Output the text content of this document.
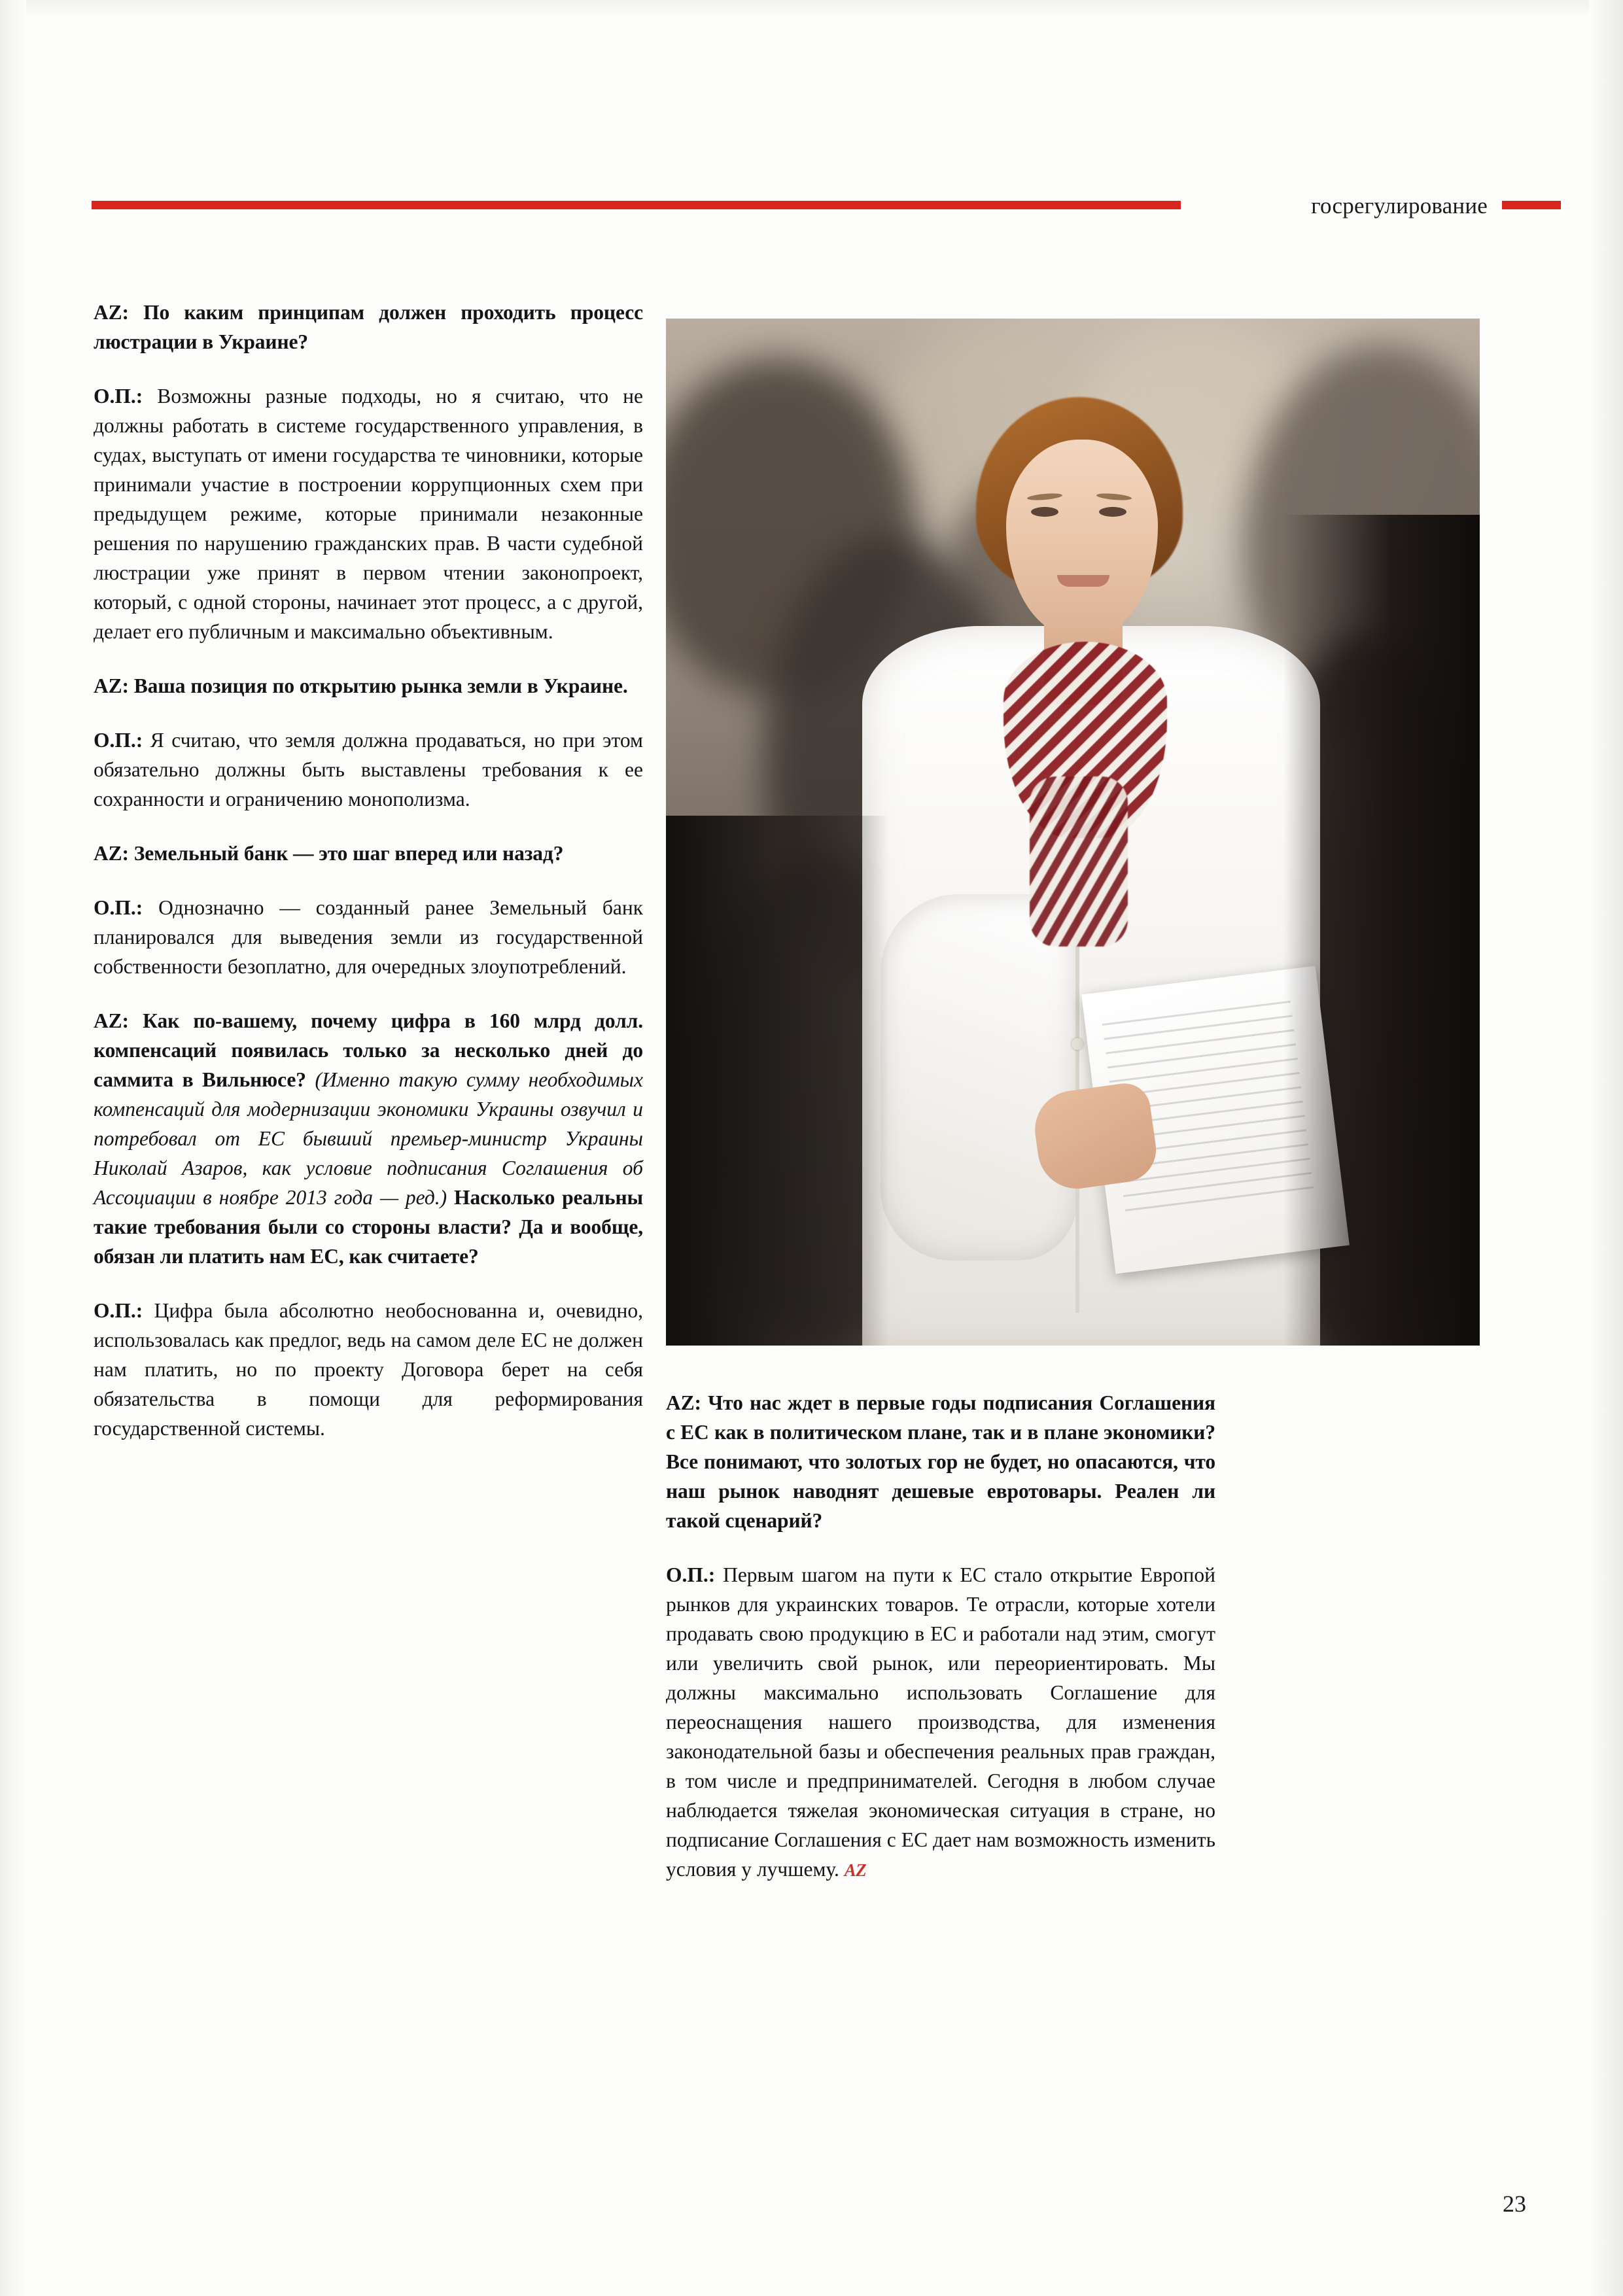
госрегулирование

AZ: По каким принципам должен проходить процесс люстрации в Украине?

О.П.: Возможны разные подходы, но я считаю, что не должны работать в системе государственного управления, в судах, выступать от имени государства те чиновники, которые принимали участие в построении коррупционных схем при предыдущем режиме, которые принимали незаконные решения по нарушению гражданских прав. В части судебной люстрации уже принят в первом чтении законопроект, который, с одной стороны, начинает этот процесс, а с другой, делает его публичным и максимально объективным.

AZ: Ваша позиция по открытию рынка земли в Украине.

О.П.: Я считаю, что земля должна продаваться, но при этом обязательно должны быть выставлены требования к ее сохранности и ограничению монополизма.

AZ: Земельный банк — это шаг вперед или назад?

О.П.: Однозначно — созданный ранее Земельный банк планировался для выведения земли из государственной собственности безоплатно, для очередных злоупотреблений.

AZ: Как по-вашему, почему цифра в 160 млрд долл. компенсаций появилась только за несколько дней до саммита в Вильнюсе? (Именно такую сумму необходимых компенсаций для модернизации экономики Украины озвучил и потребовал от ЕС бывший премьер-министр Украины Николай Азаров, как условие подписания Соглашения об Ассоциации в ноябре 2013 года — ред.) Насколько реальны такие требования были со стороны власти? Да и вообще, обязан ли платить нам ЕС, как считаете?

О.П.: Цифра была абсолютно необоснованна и, очевидно, использовалась как предлог, ведь на самом деле ЕС не должен нам платить, но по проекту Договора берет на себя обязательства в помощи для реформирования государственной системы.

AZ: Что нас ждет в первые годы подписания Соглашения с ЕС как в политическом плане, так и в плане экономики? Все понимают, что золотых гор не будет, но опасаются, что наш рынок наводнят дешевые евротовары. Реален ли такой сценарий?

О.П.: Первым шагом на пути к ЕС стало открытие Европой рынков для украинских товаров. Те отрасли, которые хотели продавать свою продукцию в ЕС и работали над этим, смогут или увеличить свой рынок, или переориентировать. Мы должны максимально использовать Соглашение для переоснащения нашего производства, для изменения законодательной базы и обеспечения реальных прав граждан, в том числе и предпринимателей. Сегодня в любом случае наблюдается тяжелая экономическая ситуация в стране, но подписание Соглашения с ЕС дает нам возможность изменить условия у лучшему. AZ

23
